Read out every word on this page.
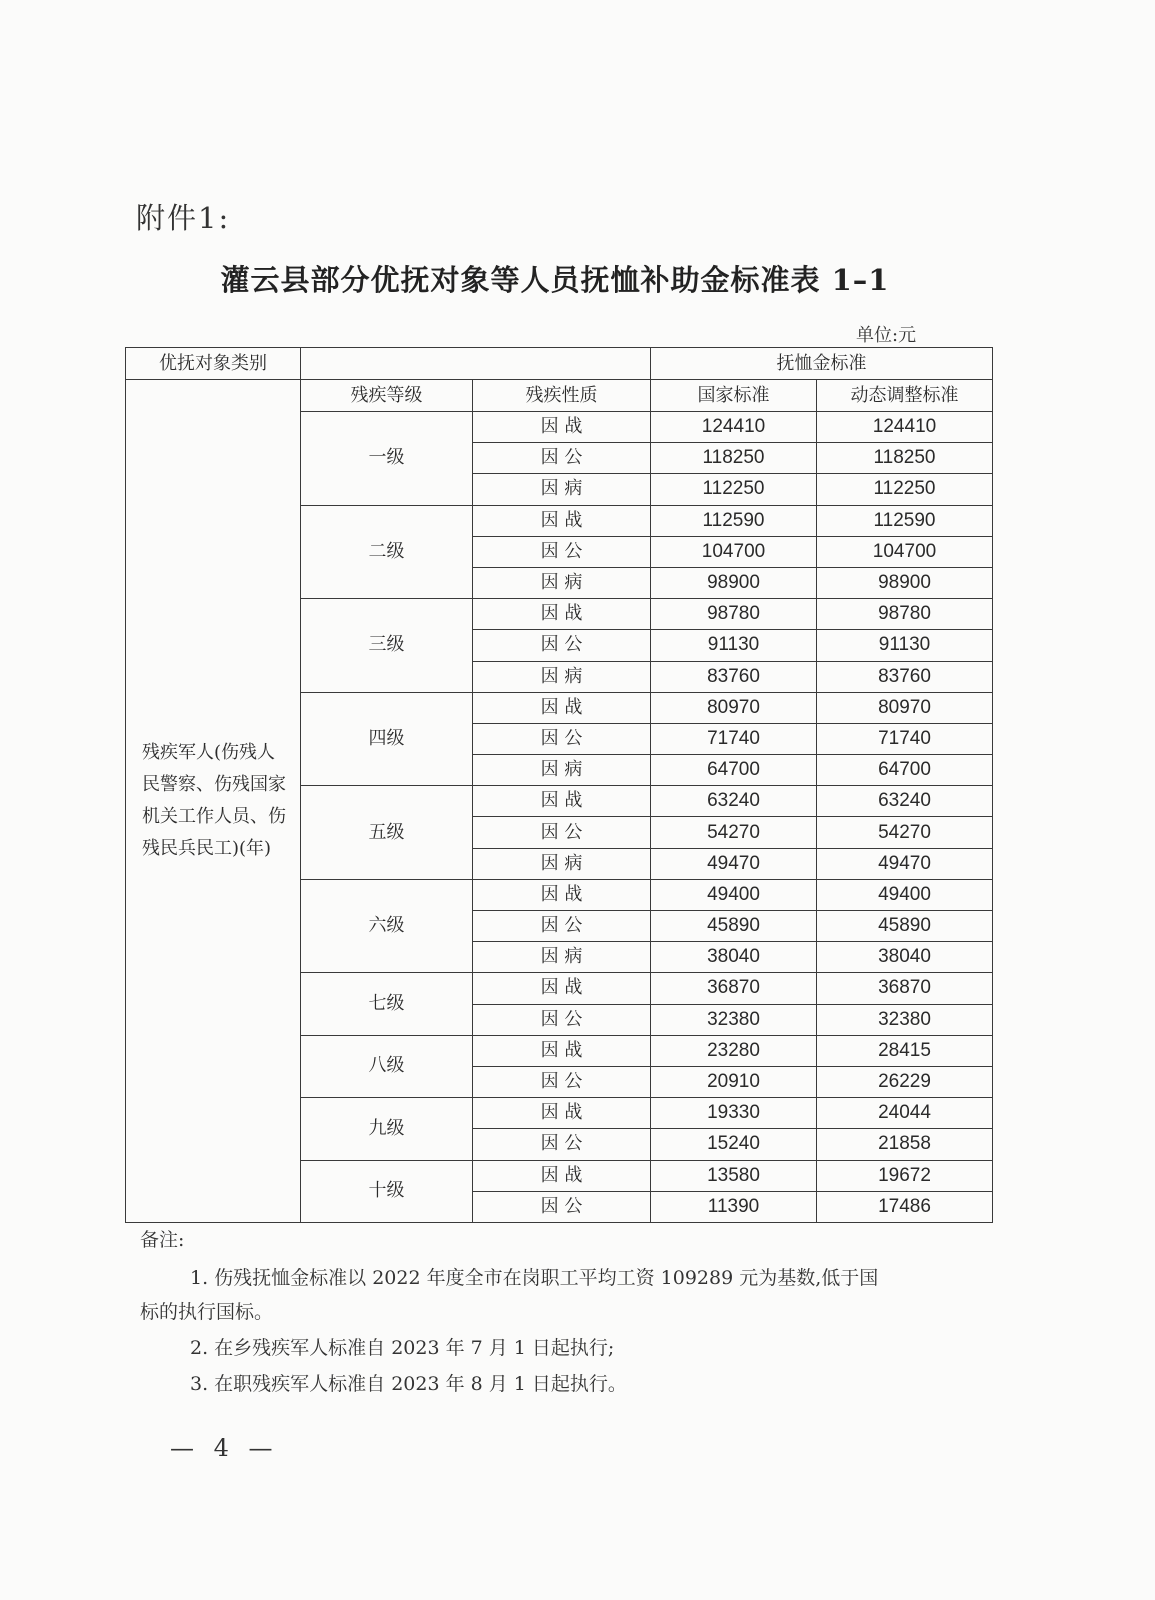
附件1:
灌云县部分优抚对象等人员抚恤补助金标准表 1–1
单位:元
优抚对象类别			抚恤金标准	
残疾军人(伤残人民警察、伤残国家机关工作人员、伤残民兵民工)(年)	残疾等级	残疾性质	国家标准	动态调整标准
	一级	因 战	124410	124410
		因 公	118250	118250
		因 病	112250	112250
	二级	因 战	112590	112590
		因 公	104700	104700
		因 病	98900	98900
	三级	因 战	98780	98780
		因 公	91130	91130
		因 病	83760	83760
	四级	因 战	80970	80970
		因 公	71740	71740
		因 病	64700	64700
	五级	因 战	63240	63240
		因 公	54270	54270
		因 病	49470	49470
	六级	因 战	49400	49400
		因 公	45890	45890
		因 病	38040	38040
	七级	因 战	36870	36870
		因 公	32380	32380
	八级	因 战	23280	28415
		因 公	20910	26229
	九级	因 战	19330	24044
		因 公	15240	21858
	十级	因 战	13580	19672
		因 公	11390	17486
备注:
1. 伤残抚恤金标准以 2022 年度全市在岗职工平均工资 109289 元为基数,低于国
标的执行国标。
2. 在乡残疾军人标准自 2023 年 7 月 1 日起执行;
3. 在职残疾军人标准自 2023 年 8 月 1 日起执行。
— 4 —
